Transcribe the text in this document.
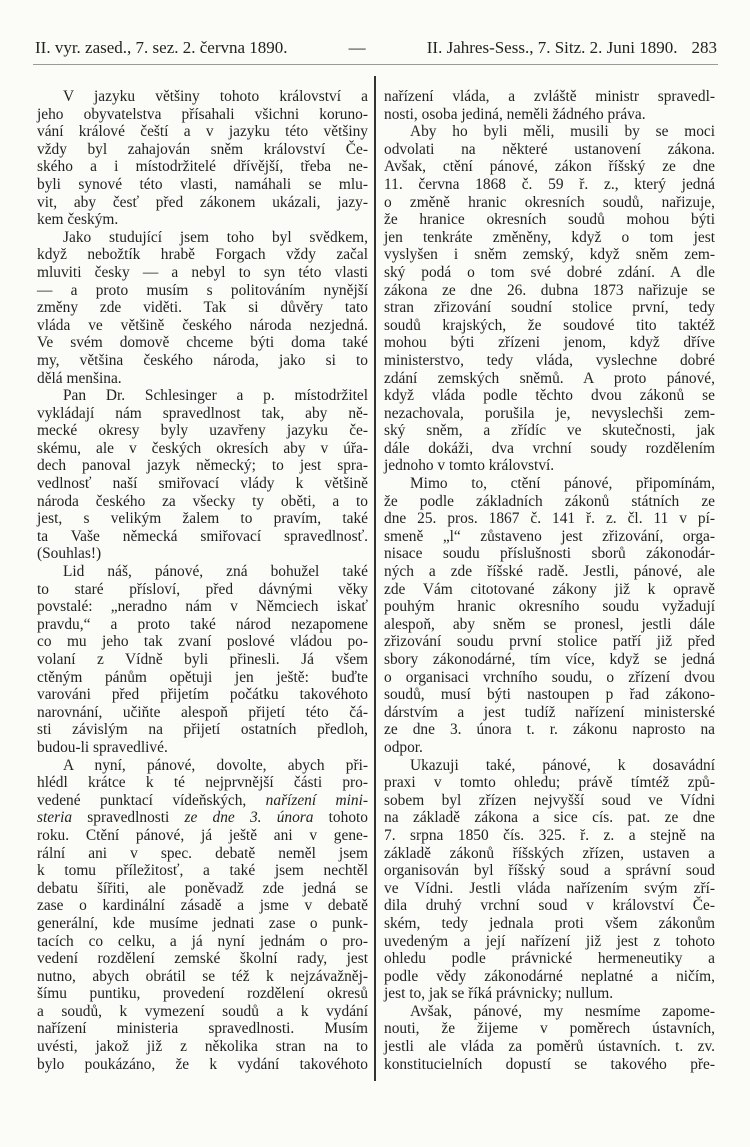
II. vyr. zased., 7. sez. 2. června 1890.	—	II. Jahres-Sess., 7. Sitz. 2. Juni 1890. 283
V jazyku většiny tohoto království a
jeho obyvatelstva přísahali všichni koruno-
vání králové čeští a v jazyku této většiny
vždy byl zahajován sněm království Če-
ského a i místodržitelé dřívější, třeba ne-
byli synové této vlasti, namáhali se mlu-
vit, aby česť před zákonem ukázali, jazy-
kem českým.
Jako studující jsem toho byl svědkem,
když nebožtík hrabě Forgach vždy začal
mluviti česky — a nebyl to syn této vlasti
— a proto musím s politováním nynější
změny zde viděti. Tak si důvěry tato
vláda ve většině českého národa nezjedná.
Ve svém domově chceme býti doma také
my, většina českého národa, jako si to
dělá menšina.
Pan Dr. Schlesinger a p. místodržitel
vykládají nám spravedlnost tak, aby ně-
mecké okresy byly uzavřeny jazyku če-
skému, ale v českých okresích aby v úřa-
dech panoval jazyk německý; to jest spra-
vedlnosť naší smiřovací vlády k většině
národa českého za všecky ty oběti, a to
jest, s velikým žalem to pravím, také
ta Vaše německá smiřovací spravedlnosť.
(Souhlas!)
Lid náš, pánové, zná bohužel také
to staré přísloví, před dávnými věky
povstalé: „neradno nám v Němciech iskať
pravdu,“ a proto také národ nezapomene
co mu jeho tak zvaní poslové vládou po-
volaní z Vídně byli přinesli. Já všem
ctěným pánům opětuji jen ještě: buďte
varováni před přijetím počátku takovéhoto
narovnání, učiňte alespoň přijetí této čá-
sti závislým na přijetí ostatních předloh,
budou-li spravedlivé.
A nyní, pánové, dovolte, abych při-
hlédl krátce k té nejprvnější části pro-
vedené punktací vídeňských, nařízení mini-
steria spravedlnosti ze dne 3. února tohoto
roku. Ctění pánové, já ještě ani v gene-
rální ani v spec. debatě neměl jsem
k tomu příležitosť, a také jsem nechtěl
debatu šířiti, ale poněvadž zde jedná se
zase o kardinální zásadě a jsme v debatě
generální, kde musíme jednati zase o punk-
tacích co celku, a já nyní jednám o pro-
vedení rozdělení zemské školní rady, jest
nutno, abych obrátil se též k nejzávažněj-
šímu puntiku, provedení rozdělení okresů
a soudů, k vymezení soudů a k vydání
nařízení ministeria spravedlnosti. Musím
uvésti, jakož již z několika stran na to
bylo poukázáno, že k vydání takovéhoto
nařízení vláda, a zvláště ministr spravedl-
nosti, osoba jediná, neměli žádného práva.
Aby ho byli měli, musili by se moci
odvolati na některé ustanovení zákona.
Avšak, ctění pánové, zákon říšský ze dne
11. června 1868 č. 59 ř. z., který jedná
o změně hranic okresních soudů, nařizuje,
že hranice okresních soudů mohou býti
jen tenkráte změněny, když o tom jest
vyslyšen i sněm zemský, když sněm zem-
ský podá o tom své dobré zdání. A dle
zákona ze dne 26. dubna 1873 nařizuje se
stran zřizování soudní stolice první, tedy
soudů krajských, že soudové tito taktéž
mohou býti zřízeni jenom, když dříve
ministerstvo, tedy vláda, vyslechne dobré
zdání zemských sněmů. A proto pánové,
když vláda podle těchto dvou zákonů se
nezachovala, porušila je, nevyslechši zem-
ský sněm, a zřídíc ve skutečnosti, jak
dále dokáži, dva vrchní soudy rozdělením
jednoho v tomto království.
Mimo to, ctění pánové, připomínám,
že podle základních zákonů státních ze
dne 25. pros. 1867 č. 141 ř. z. čl. 11 v pí-
smeně „l“ zůstaveno jest zřizování, orga-
nisace soudu příslušnosti sborů zákonodár-
ných a zde říšské radě. Jestli, pánové, ale
zde Vám citotované zákony již k opravě
pouhým hranic okresního soudu vyžadují
alespoň, aby sněm se pronesl, jestli dále
zřizování soudu první stolice patří již před
sbory zákonodárné, tím více, když se jedná
o organisaci vrchního soudu, o zřízení dvou
soudů, musí býti nastoupen p řad zákono-
dárstvím a jest tudíž nařízení ministerské
ze dne 3. února t. r. zákonu naprosto na
odpor.
Ukazuji také, pánové, k dosavádní
praxi v tomto ohledu; právě tímtéž způ-
sobem byl zřízen nejvyšší soud ve Vídni
na základě zákona a sice cís. pat. ze dne
7. srpna 1850 čís. 325. ř. z. a stejně na
základě zákonů říšských zřízen, ustaven a
organisován byl říšský soud a správní soud
ve Vídni. Jestli vláda nařízením svým zří-
dila druhý vrchní soud v království Če-
ském, tedy jednala proti všem zákonům
uvedeným a její nařízení již jest z tohoto
ohledu podle právnické hermeneutiky a
podle vědy zákonodárné neplatné a ničím,
jest to, jak se říká právnicky; nullum.
Avšak, pánové, my nesmíme zapome-
nouti, že žijeme v poměrech ústavních,
jestli ale vláda za poměrů ústavních. t. zv.
konstitucielních dopustí se takového pře-
